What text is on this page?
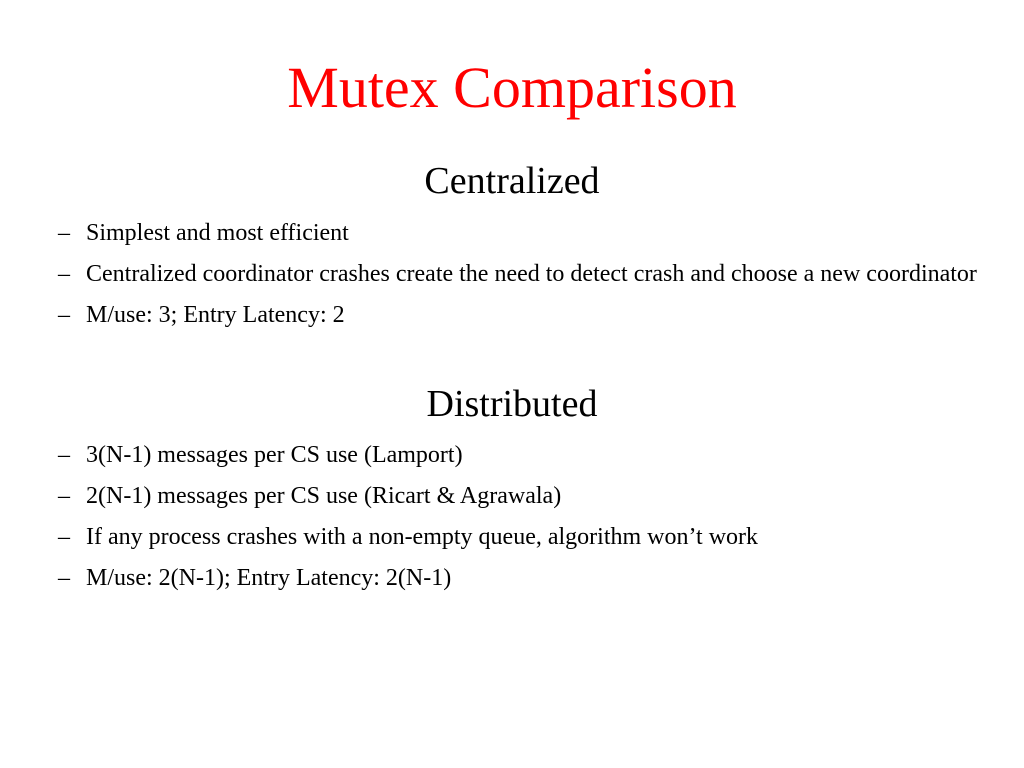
Mutex Comparison
Centralized
– Simplest and most efficient
– Centralized coordinator crashes create the need to detect crash and choose a new coordinator
– M/use: 3; Entry Latency: 2
Distributed
– 3(N-1) messages per CS use (Lamport)
– 2(N-1) messages per CS use (Ricart & Agrawala)
– If any process crashes with a non-empty queue, algorithm won’t work
– M/use: 2(N-1); Entry Latency: 2(N-1)
